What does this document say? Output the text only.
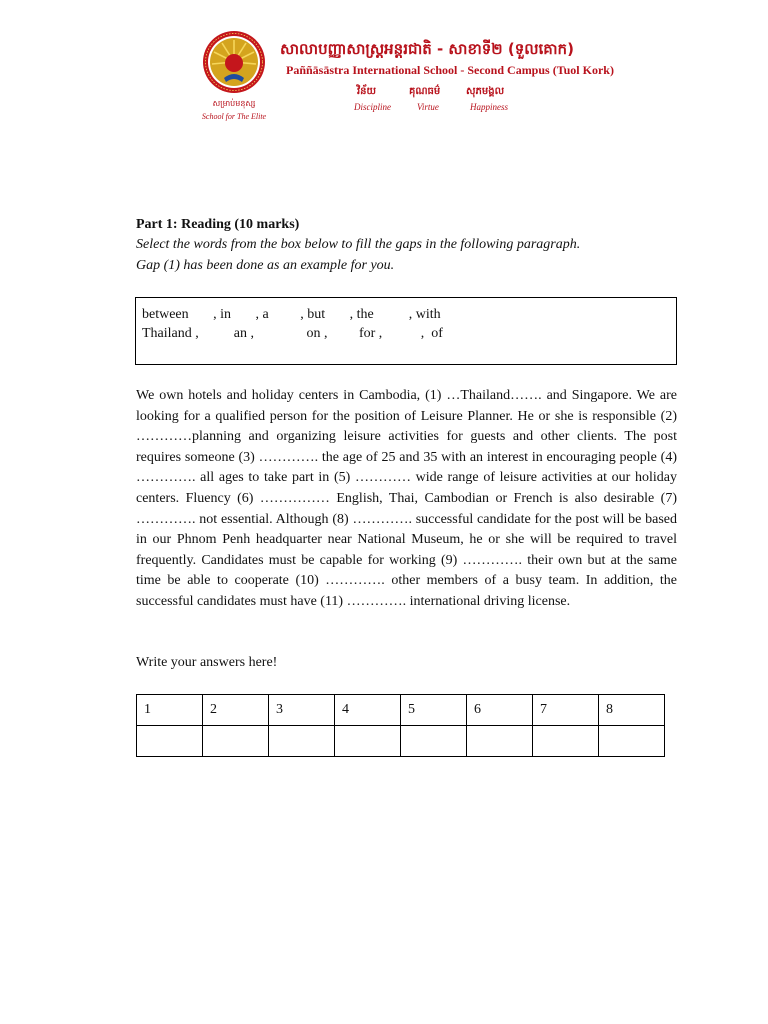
សម្រាប់មនុស្ស
School for The Elite
សាលាបញ្ញាសាស្ត្រអន្តរជាតិ - សាខាទី២ (ទួលគោក)
Paññāsāstra International School - Second Campus (Tuol Kork)
វិន័យ	គុណធម៌	សុភមង្គល
Discipline	Virtue	Happiness
Part 1: Reading (10 marks)
Select the words from the box below to fill the gaps in the following paragraph.
Gap (1) has been done as an example for you.
between       , in       , a         , but       , the          , with
Thailand ,          an ,               on ,         for ,           ,  of

We own hotels and holiday centers in Cambodia, (1) …Thailand……. and Singapore. We are looking for a qualified person for the position of Leisure Planner. He or she is responsible (2) …………planning and organizing leisure activities for guests and other clients. The post requires someone (3) …………. the age of 25 and 35 with an interest in encouraging people (4) …………. all ages to take part in (5) ………… wide range of leisure activities at our holiday centers. Fluency (6) …………… English, Thai, Cambodian or French is also desirable (7) …………. not essential. Although (8) …………. successful candidate for the post will be based in our Phnom Penh headquarter near National Museum, he or she will be required to travel frequently. Candidates must be capable for working (9) …………. their own but at the same time be able to cooperate (10) …………. other members of a busy team. In addition, the successful candidates must have (11) …………. international driving license.

Write your answers here!
1	2	3	4	5	6	7	8
